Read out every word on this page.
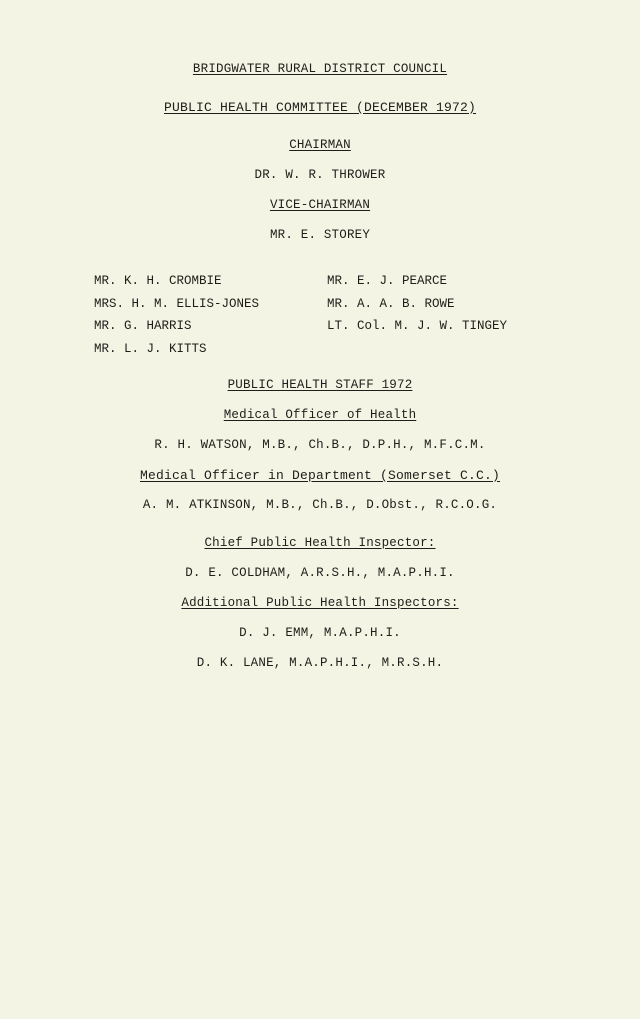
BRIDGWATER RURAL DISTRICT COUNCIL
PUBLIC HEALTH COMMITTEE (DECEMBER 1972)
CHAIRMAN
DR. W. R. THROWER
VICE-CHAIRMAN
MR. E. STOREY
MR. K. H. CROMBIE
MRS. H. M. ELLIS-JONES
MR. G. HARRIS
MR. L. J. KITTS
MR. E. J. PEARCE
MR. A. A. B. ROWE
LT. Col. M. J. W. TINGEY
PUBLIC HEALTH STAFF 1972
Medical Officer of Health
R. H. WATSON, M.B., Ch.B., D.P.H., M.F.C.M.
Medical Officer in Department (Somerset C.C.)
A. M. ATKINSON, M.B., Ch.B., D.Obst., R.C.O.G.
Chief Public Health Inspector:
D. E. COLDHAM, A.R.S.H., M.A.P.H.I.
Additional Public Health Inspectors:
D. J. EMM, M.A.P.H.I.
D. K. LANE, M.A.P.H.I., M.R.S.H.
